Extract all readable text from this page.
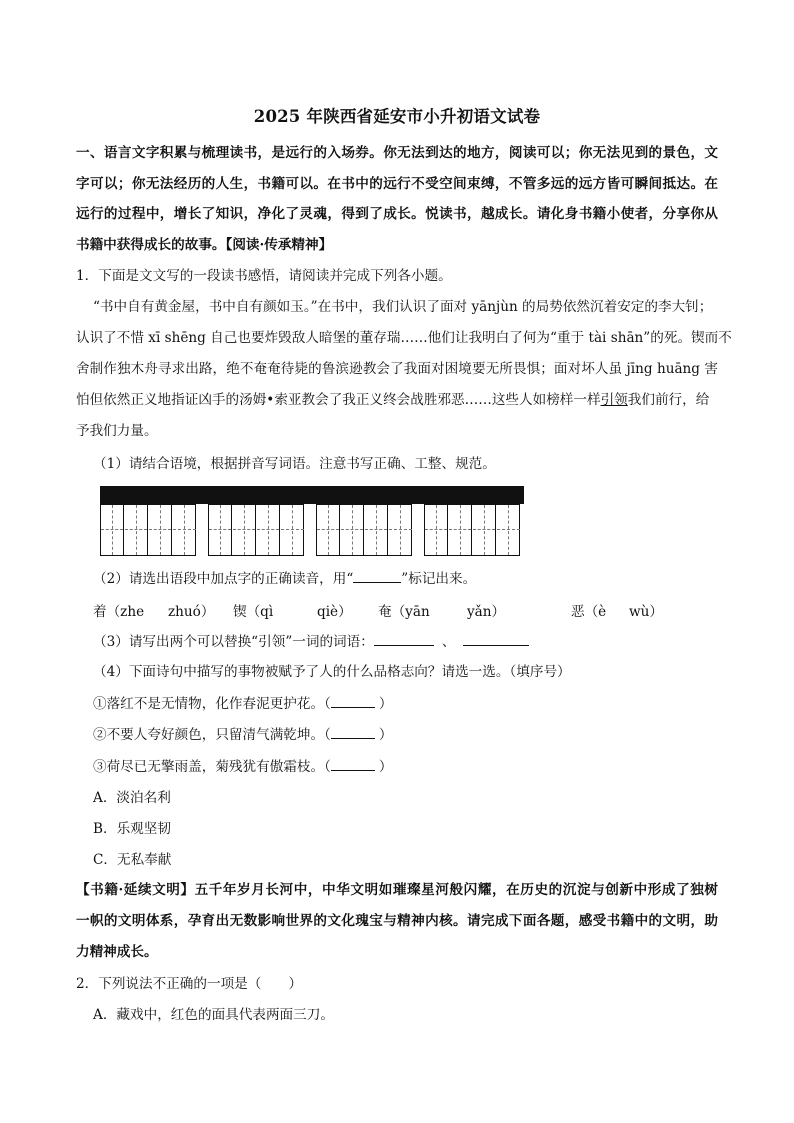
2025 年陕西省延安市小升初语文试卷
一、语言文字积累与梳理读书，是远行的入场券。你无法到达的地方，阅读可以；你无法见到的景色，文
字可以；你无法经历的人生，书籍可以。在书中的远行不受空间束缚，不管多远的远方皆可瞬间抵达。在
远行的过程中，增长了知识，净化了灵魂，得到了成长。悦读书，越成长。请化身书籍小使者，分享你从
书籍中获得成长的故事。【阅读·传承精神】
1．下面是文文写的一段读书感悟，请阅读并完成下列各小题。
“书中自有黄金屋，书中自有颜如玉。”在书中，我们认识了面对 yānjùn 的局势依然沉着安定的李大钊；
认识了不惜 xī shēng 自己也要炸毁敌人暗堡的董存瑞……他们让我明白了何为“重于 tài shān”的死。锲而不
舍制作独木舟寻求出路，绝不奄奄待毙的鲁滨逊教会了我面对困境要无所畏惧；面对坏人虽 jīng huāng 害
怕但依然正义地指证凶手的汤姆•索亚教会了我正义终会战胜邪恶……这些人如榜样一样引领我们前行，给
予我们力量。
（1）请结合语境，根据拼音写词语。注意书写正确、工整、规范。
（2）请选出语段中加点字的正确读音，用“	”标记出来。
着（zhe zhuó） 锲（qì	qiè） 奄（yān	yǎn）	恶（è wù）
（3）请写出两个可以替换“引领”一词的词语：	、
（4）下面诗句中描写的事物被赋予了人的什么品格志向？请选一选。（填序号）
①落红不是无情物，化作春泥更护花。（	）
②不要人夸好颜色，只留清气满乾坤。（	）
③荷尽已无擎雨盖，菊残犹有傲霜枝。（	）
A．淡泊名利
B．乐观坚韧
C．无私奉献
【书籍·延续文明】五千年岁月长河中，中华文明如璀璨星河般闪耀，在历史的沉淀与创新中形成了独树
一帜的文明体系，孕育出无数影响世界的文化瑰宝与精神内核。请完成下面各题，感受书籍中的文明，助
力精神成长。
2．下列说法不正确的一项是（　　）
A．藏戏中，红色的面具代表两面三刀。
